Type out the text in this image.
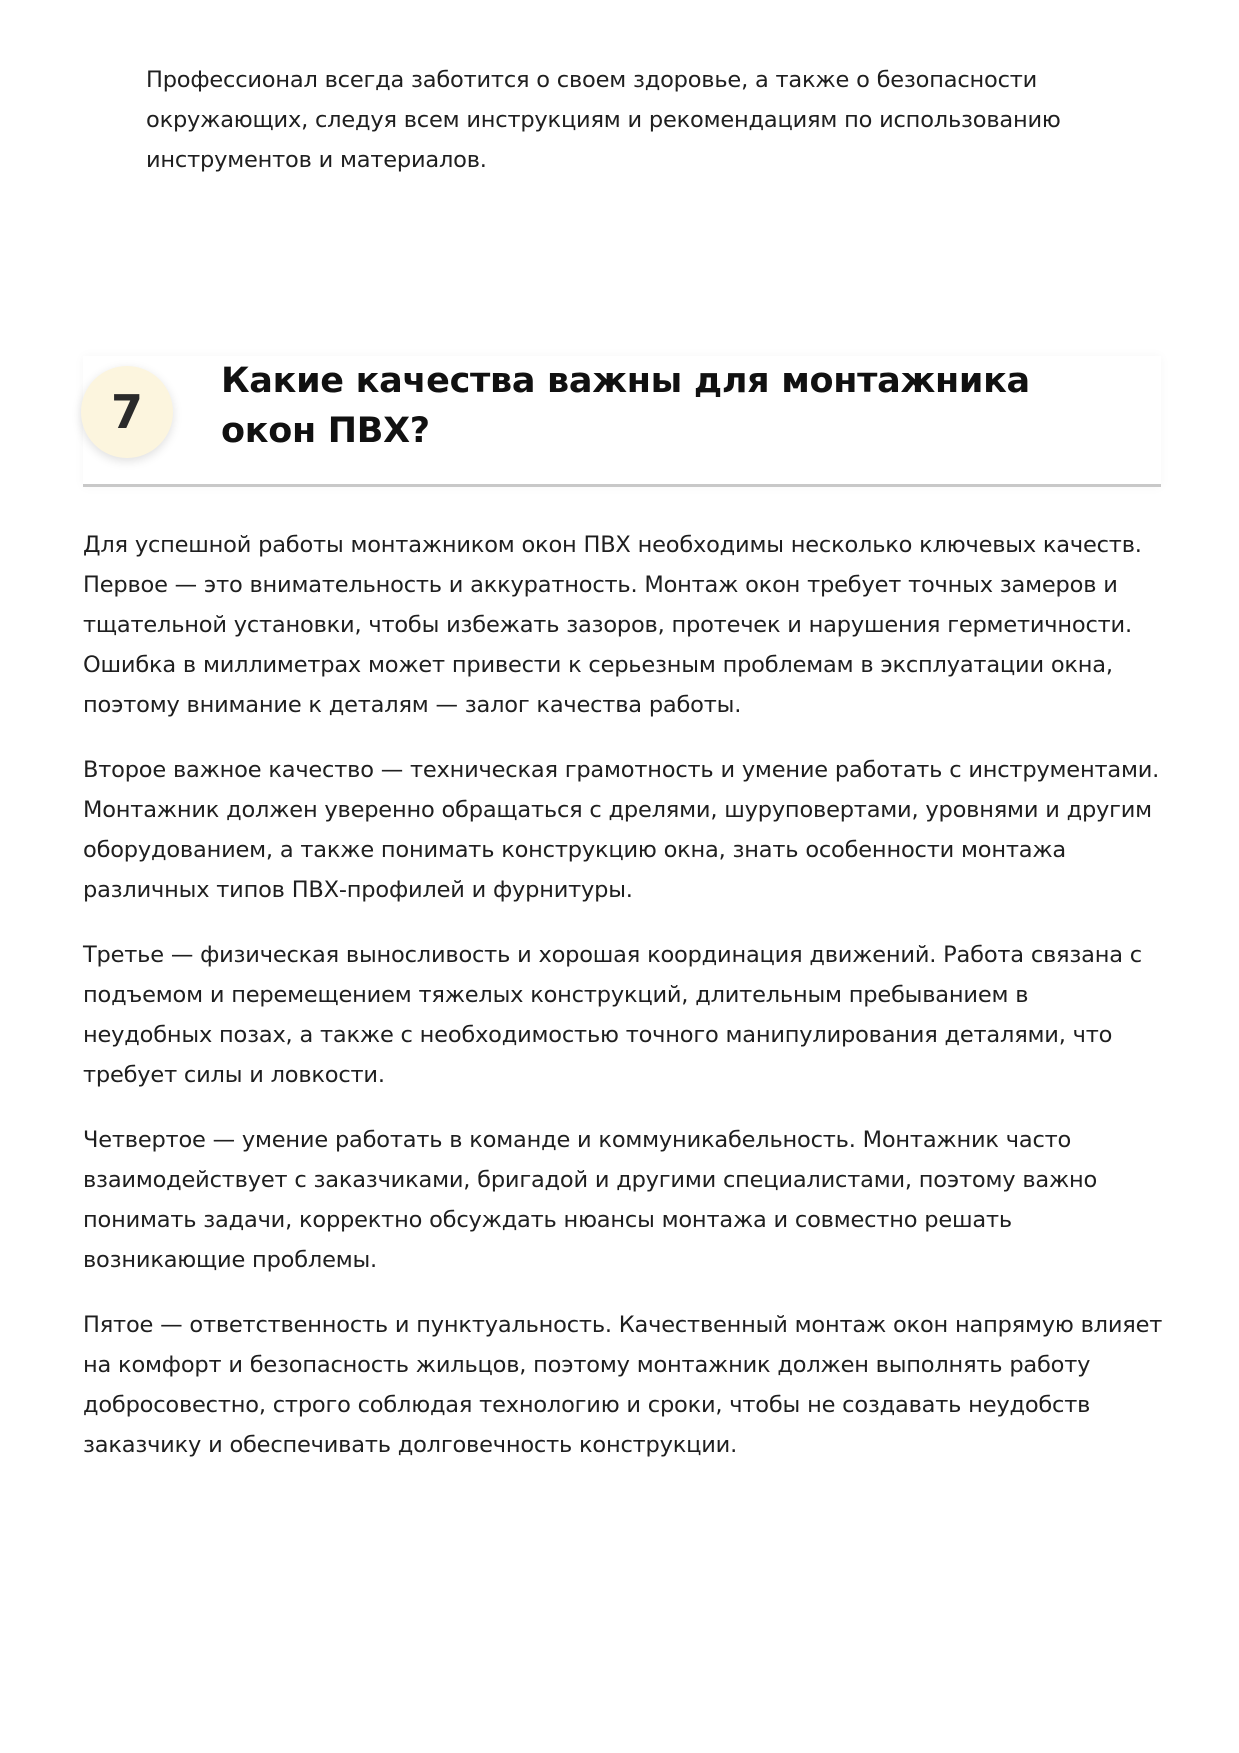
Профессионал всегда заботится о своем здоровье, а также о безопасности окружающих, следуя всем инструкциям и рекомендациям по использованию инструментов и материалов.

7
Какие качества важны для монтажника окон ПВХ?

Для успешной работы монтажником окон ПВХ необходимы несколько ключевых качеств. Первое — это внимательность и аккуратность. Монтаж окон требует точных замеров и тщательной установки, чтобы избежать зазоров, протечек и нарушения герметичности. Ошибка в миллиметрах может привести к серьезным проблемам в эксплуатации окна, поэтому внимание к деталям — залог качества работы.

Второе важное качество — техническая грамотность и умение работать с инструментами. Монтажник должен уверенно обращаться с дрелями, шуруповертами, уровнями и другим оборудованием, а также понимать конструкцию окна, знать особенности монтажа различных типов ПВХ-профилей и фурнитуры.

Третье — физическая выносливость и хорошая координация движений. Работа связана с подъемом и перемещением тяжелых конструкций, длительным пребыванием в неудобных позах, а также с необходимостью точного манипулирования деталями, что требует силы и ловкости.

Четвертое — умение работать в команде и коммуникабельность. Монтажник часто взаимодействует с заказчиками, бригадой и другими специалистами, поэтому важно понимать задачи, корректно обсуждать нюансы монтажа и совместно решать возникающие проблемы.

Пятое — ответственность и пунктуальность. Качественный монтаж окон напрямую влияет на комфорт и безопасность жильцов, поэтому монтажник должен выполнять работу добросовестно, строго соблюдая технологию и сроки, чтобы не создавать неудобств заказчику и обеспечивать долговечность конструкции.
